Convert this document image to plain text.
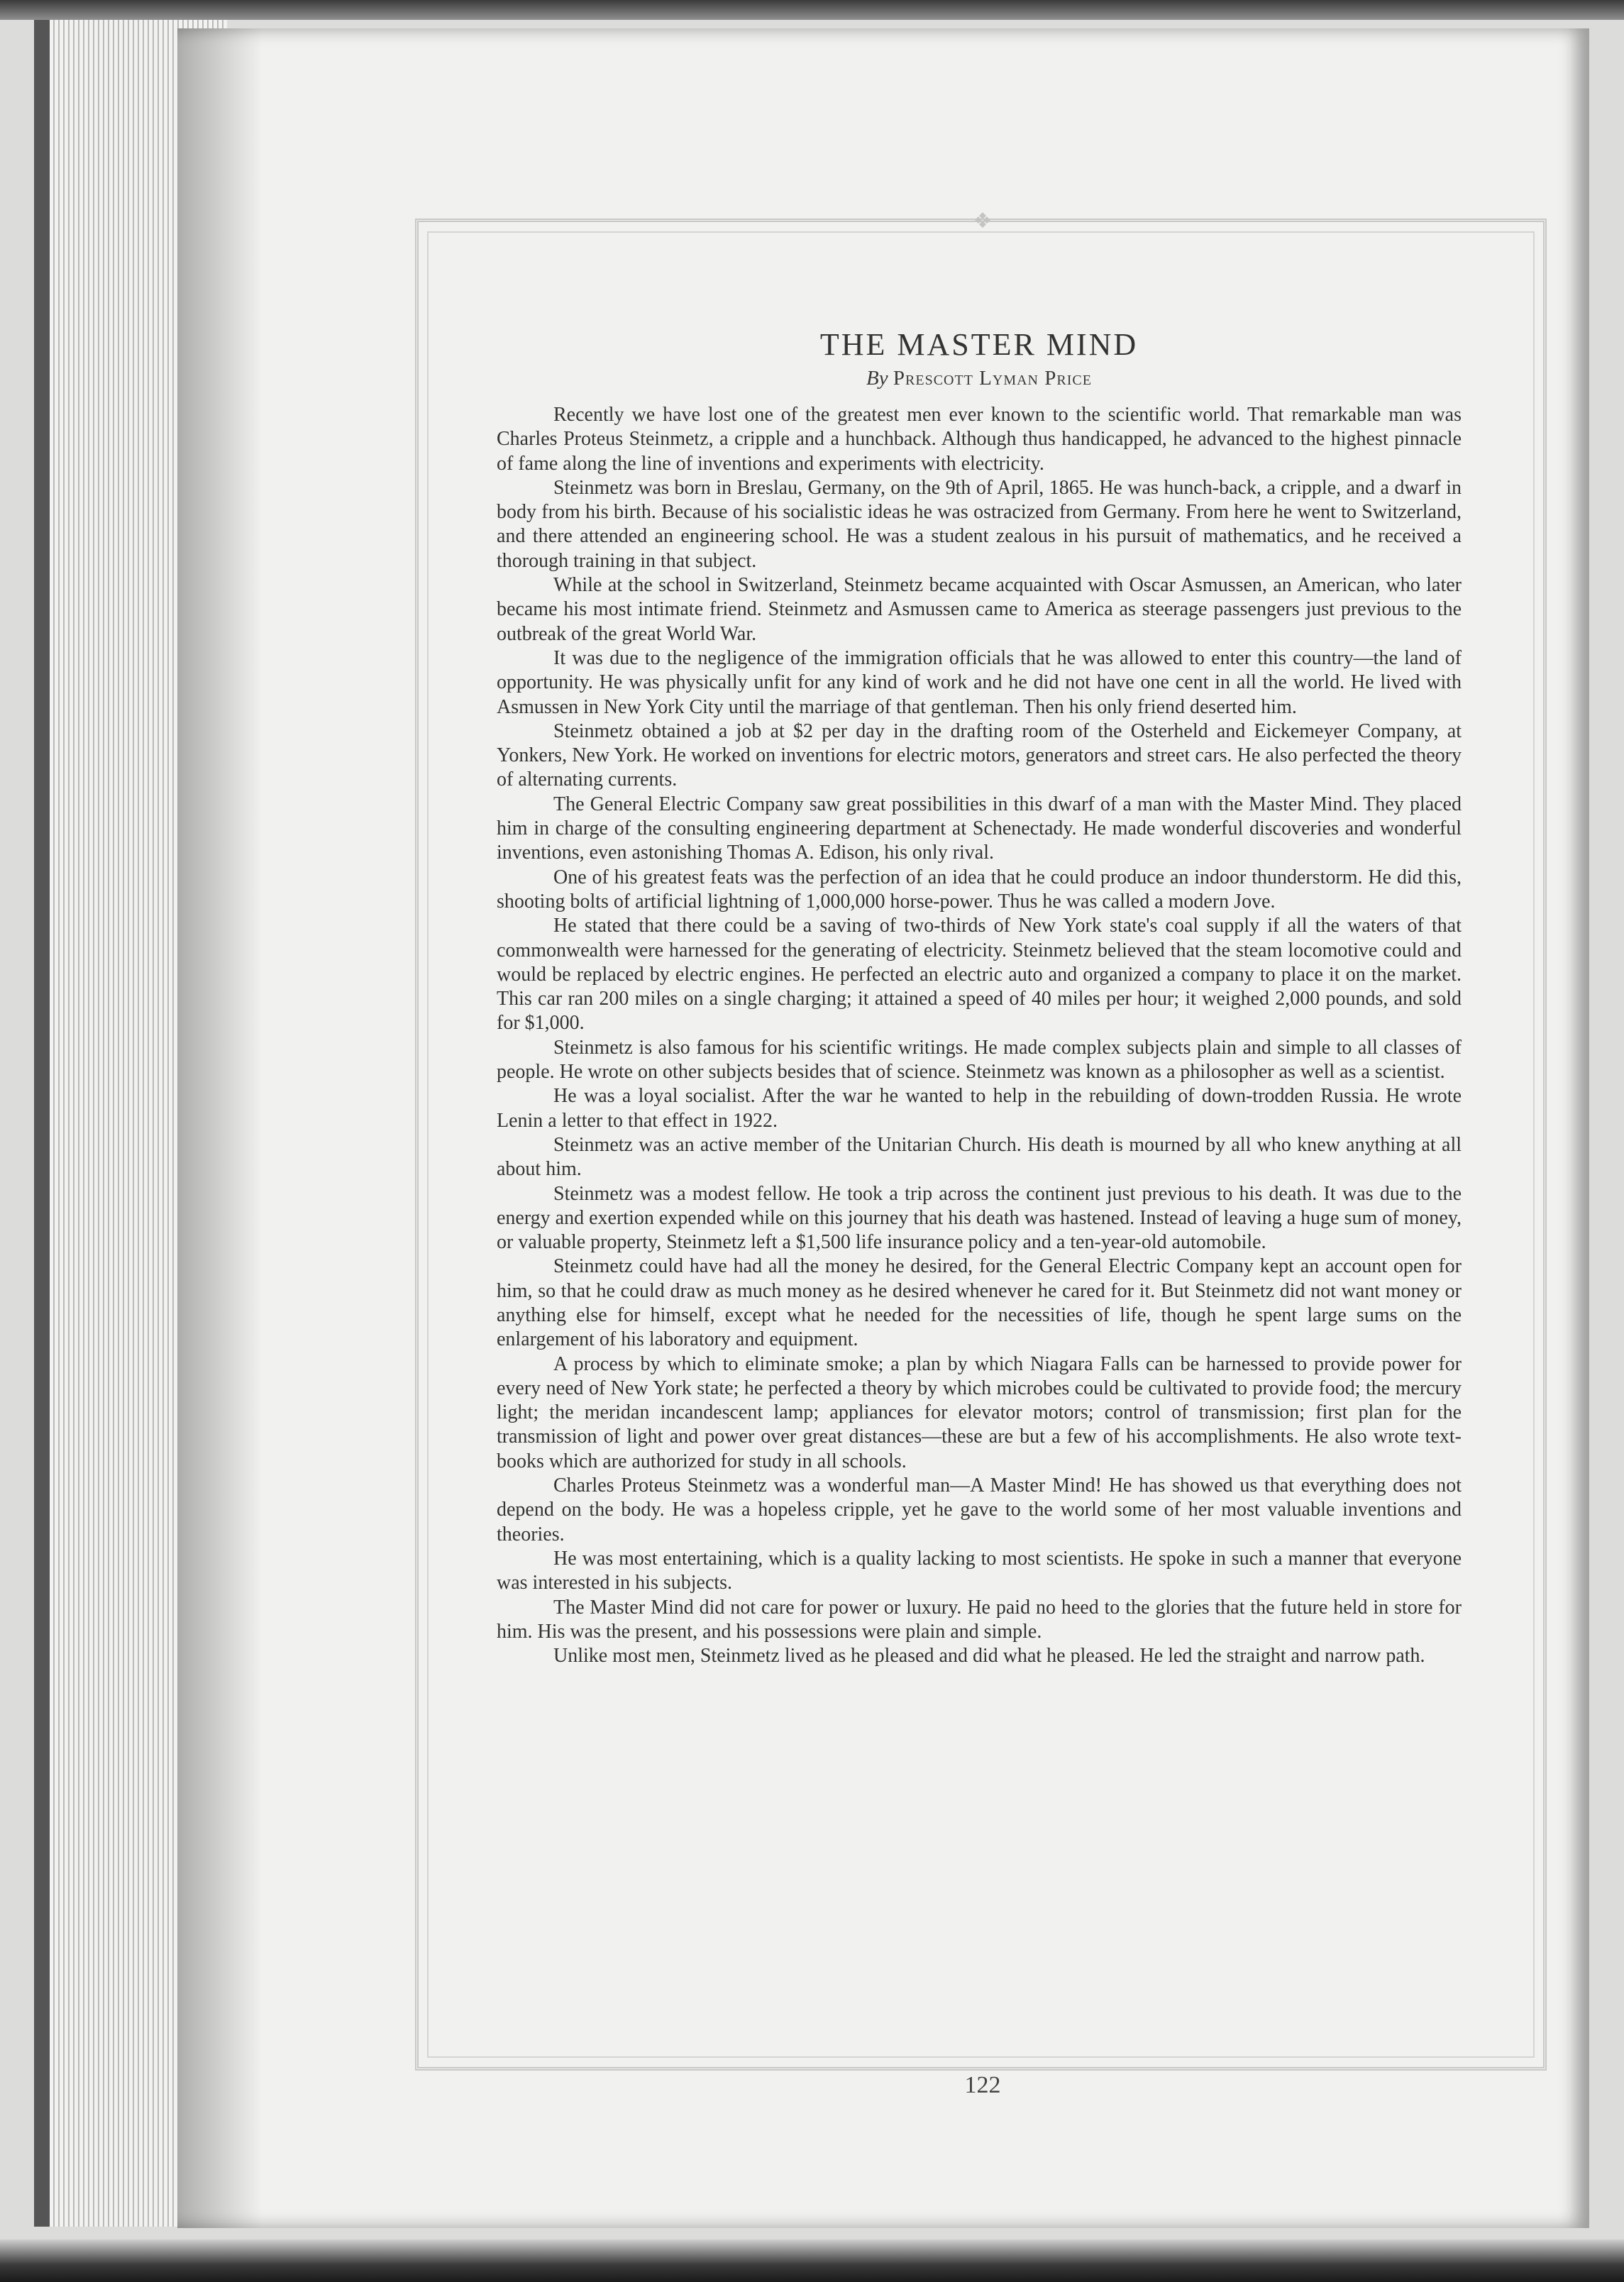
❖
THE MASTER MIND
By Prescott Lyman Price

Recently we have lost one of the greatest men ever known to the scientific world. That remarkable man was Charles Proteus Steinmetz, a cripple and a hunchback. Although thus handicapped, he advanced to the highest pinnacle of fame along the line of inventions and experiments with electricity.

Steinmetz was born in Breslau, Germany, on the 9th of April, 1865. He was hunch-back, a cripple, and a dwarf in body from his birth. Because of his socialistic ideas he was ostracized from Germany. From here he went to Switzerland, and there attended an engineering school. He was a student zealous in his pursuit of mathematics, and he received a thorough training in that subject.

While at the school in Switzerland, Steinmetz became acquainted with Oscar Asmussen, an American, who later became his most intimate friend. Steinmetz and Asmussen came to America as steerage passengers just previous to the outbreak of the great World War.

It was due to the negligence of the immigration officials that he was allowed to enter this country—the land of opportunity. He was physically unfit for any kind of work and he did not have one cent in all the world. He lived with Asmussen in New York City until the marriage of that gentleman. Then his only friend deserted him.

Steinmetz obtained a job at $2 per day in the drafting room of the Osterheld and Eickemeyer Company, at Yonkers, New York. He worked on inventions for electric motors, generators and street cars. He also perfected the theory of alternating currents.

The General Electric Company saw great possibilities in this dwarf of a man with the Master Mind. They placed him in charge of the consulting engineering department at Schenectady. He made wonderful discoveries and wonderful inventions, even astonishing Thomas A. Edison, his only rival.

One of his greatest feats was the perfection of an idea that he could produce an indoor thunderstorm. He did this, shooting bolts of artificial lightning of 1,000,000 horse-power. Thus he was called a modern Jove.

He stated that there could be a saving of two-thirds of New York state's coal supply if all the waters of that commonwealth were harnessed for the generating of electricity. Steinmetz believed that the steam locomotive could and would be replaced by electric engines. He perfected an electric auto and organized a company to place it on the market. This car ran 200 miles on a single charging; it attained a speed of 40 miles per hour; it weighed 2,000 pounds, and sold for $1,000.

Steinmetz is also famous for his scientific writings. He made complex subjects plain and simple to all classes of people. He wrote on other subjects besides that of science. Steinmetz was known as a philosopher as well as a scientist.

He was a loyal socialist. After the war he wanted to help in the rebuilding of down-trodden Russia. He wrote Lenin a letter to that effect in 1922.

Steinmetz was an active member of the Unitarian Church. His death is mourned by all who knew anything at all about him.

Steinmetz was a modest fellow. He took a trip across the continent just previous to his death. It was due to the energy and exertion expended while on this journey that his death was hastened. Instead of leaving a huge sum of money, or valuable property, Steinmetz left a $1,500 life insurance policy and a ten-year-old automobile.

Steinmetz could have had all the money he desired, for the General Electric Company kept an account open for him, so that he could draw as much money as he desired whenever he cared for it. But Steinmetz did not want money or anything else for himself, except what he needed for the necessities of life, though he spent large sums on the enlargement of his laboratory and equipment.

A process by which to eliminate smoke; a plan by which Niagara Falls can be harnessed to provide power for every need of New York state; he perfected a theory by which microbes could be cultivated to provide food; the mercury light; the meridan incandescent lamp; appliances for elevator motors; control of transmission; first plan for the transmission of light and power over great distances—these are but a few of his accomplishments. He also wrote text-books which are authorized for study in all schools.

Charles Proteus Steinmetz was a wonderful man—A Master Mind! He has showed us that everything does not depend on the body. He was a hopeless cripple, yet he gave to the world some of her most valuable inventions and theories.

He was most entertaining, which is a quality lacking to most scientists. He spoke in such a manner that everyone was interested in his subjects.

The Master Mind did not care for power or luxury. He paid no heed to the glories that the future held in store for him. His was the present, and his possessions were plain and simple.

Unlike most men, Steinmetz lived as he pleased and did what he pleased. He led the straight and narrow path.

122
